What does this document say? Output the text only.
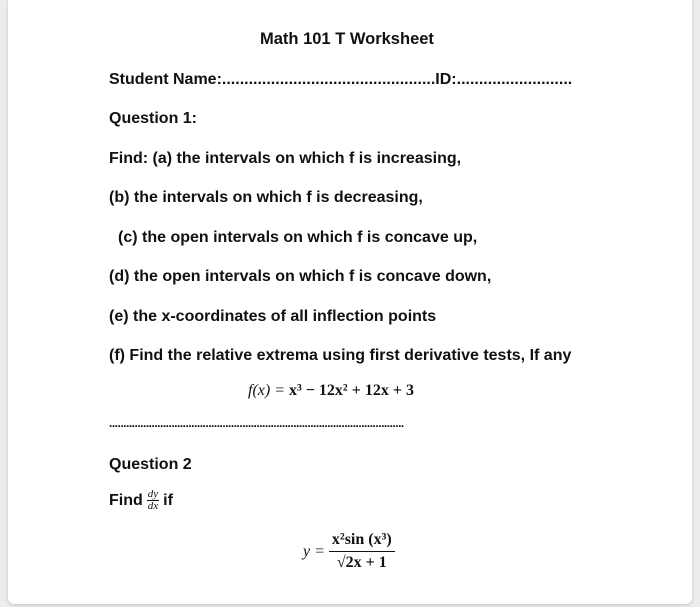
Math 101 T Worksheet
Student Name:................................................ID:..........................
Question 1:
Find: (a) the intervals on which f is increasing,
(b) the intervals on which f is decreasing,
(c) the open intervals on which f is concave up,
(d) the open intervals on which f is concave down,
(e) the x-coordinates of all inflection points
(f) Find the relative extrema using first derivative tests, If any
f(x) = x³ − 12x² + 12x + 3
........................................................................................................
Question 2
Find $\frac{dy}{dx}$ if
$y = \frac{\text{x²sin (x³)}}{√2x + 1}$
